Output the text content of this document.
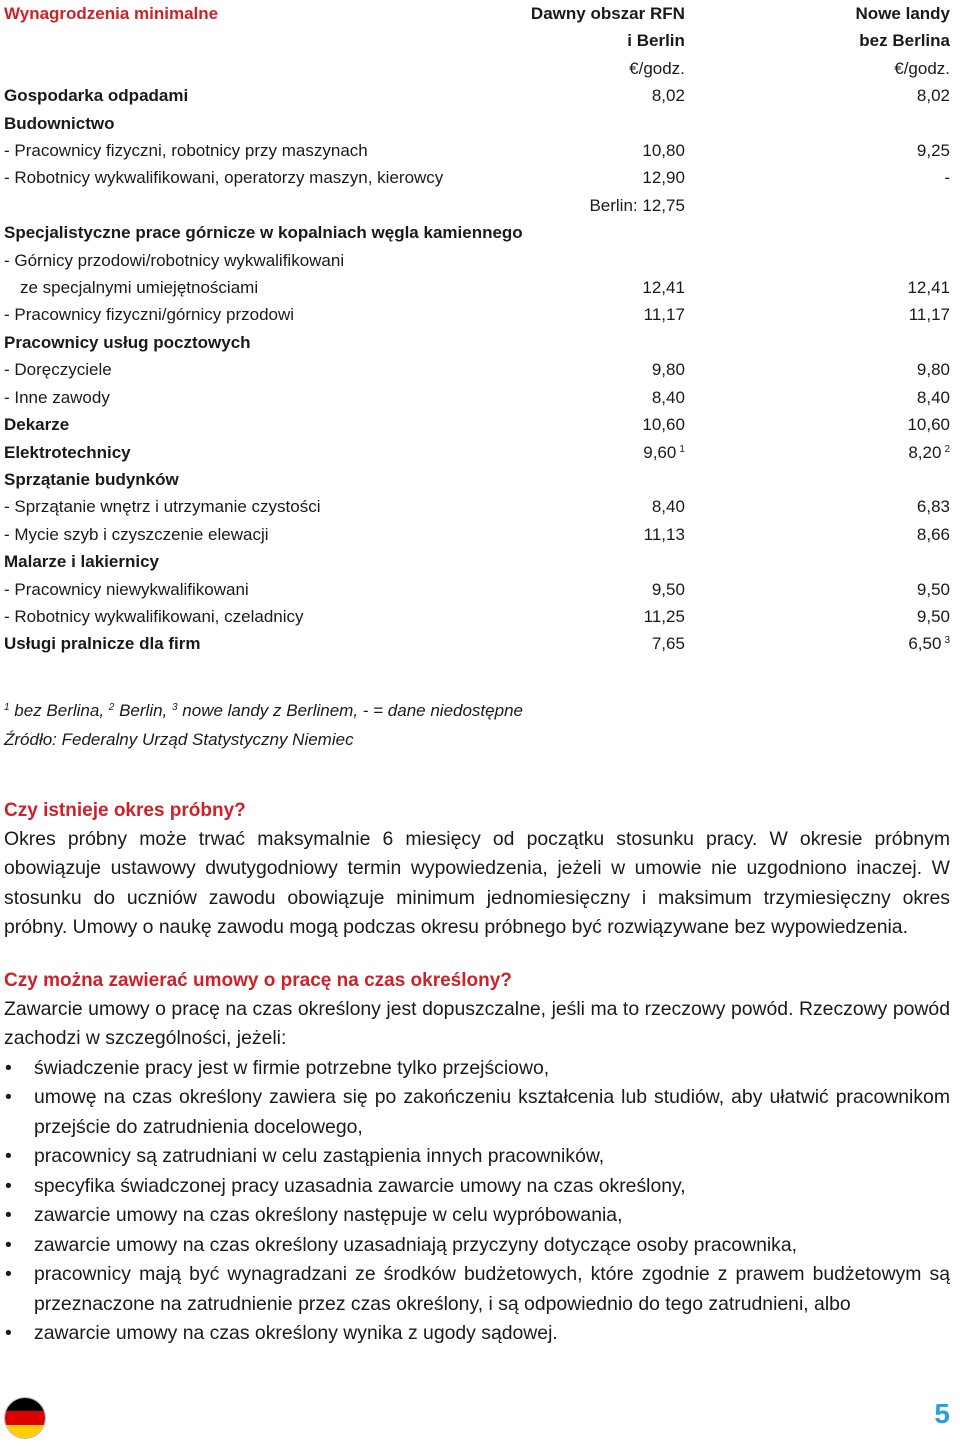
Wynagrodzenia minimalne	Dawny obszar RFN	Nowe landy
	i Berlin	bez Berlina
	€/godz.	€/godz.
Gospodarka odpadami	8,02	8,02
Budownictwo		
- Pracownicy fizyczni, robotnicy przy maszynach	10,80	9,25
- Robotnicy wykwalifikowani, operatorzy maszyn, kierowcy	12,90	-
	Berlin: 12,75	
Specjalistyczne prace górnicze w kopalniach węgla kamiennego		
- Górnicy przodowi/robotnicy wykwalifikowani		
ze specjalnymi umiejętnościami	12,41	12,41
- Pracownicy fizyczni/górnicy przodowi	11,17	11,17
Pracownicy usług pocztowych		
- Doręczyciele	9,80	9,80
- Inne zawody	8,40	8,40
Dekarze	10,60	10,60
Elektrotechnicy	9,60 $^1$	8,20 $^2$
Sprzątanie budynków		
- Sprzątanie wnętrz i utrzymanie czystości	8,40	6,83
- Mycie szyb i czyszczenie elewacji	11,13	8,66
Malarze i lakiernicy		
- Pracownicy niewykwalifikowani	9,50	9,50
- Robotnicy wykwalifikowani, czeladnicy	11,25	9,50
Usługi pralnicze dla firm	7,65	6,50 $^3$
$^1$ bez Berlina, $^2$ Berlin, $^3$ nowe landy z Berlinem, - = dane niedostępne
Źródło: Federalny Urząd Statystyczny Niemiec
Czy istnieje okres próbny?

Okres próbny może trwać maksymalnie 6 miesięcy od początku stosunku pracy. W okresie próbnym obowiązuje ustawowy dwutygodniowy termin wypowiedzenia, jeżeli w umowie nie uzgodniono inaczej. W stosunku do uczniów zawodu obowiązuje minimum jednomiesięczny i maksimum trzymiesięczny okres próbny. Umowy o naukę zawodu mogą podczas okresu próbnego być rozwiązywane bez wypowiedzenia.

Czy można zawierać umowy o pracę na czas określony?

Zawarcie umowy o pracę na czas określony jest dopuszczalne, jeśli ma to rzeczowy powód. Rzeczowy powód zachodzi w szczególności, jeżeli:

• świadczenie pracy jest w firmie potrzebne tylko przejściowo,
• umowę na czas określony zawiera się po zakończeniu kształcenia lub studiów, aby ułatwić pracownikom przejście do zatrudnienia docelowego,
• pracownicy są zatrudniani w celu zastąpienia innych pracowników,
• specyfika świadczonej pracy uzasadnia zawarcie umowy na czas określony,
• zawarcie umowy na czas określony następuje w celu wypróbowania,
• zawarcie umowy na czas określony uzasadniają przyczyny dotyczące osoby pracownika,
• pracownicy mają być wynagradzani ze środków budżetowych, które zgodnie z prawem budżetowym są przeznaczone na zatrudnienie przez czas określony, i są odpowiednio do tego zatrudnieni, albo
• zawarcie umowy na czas określony wynika z ugody sądowej.
5
